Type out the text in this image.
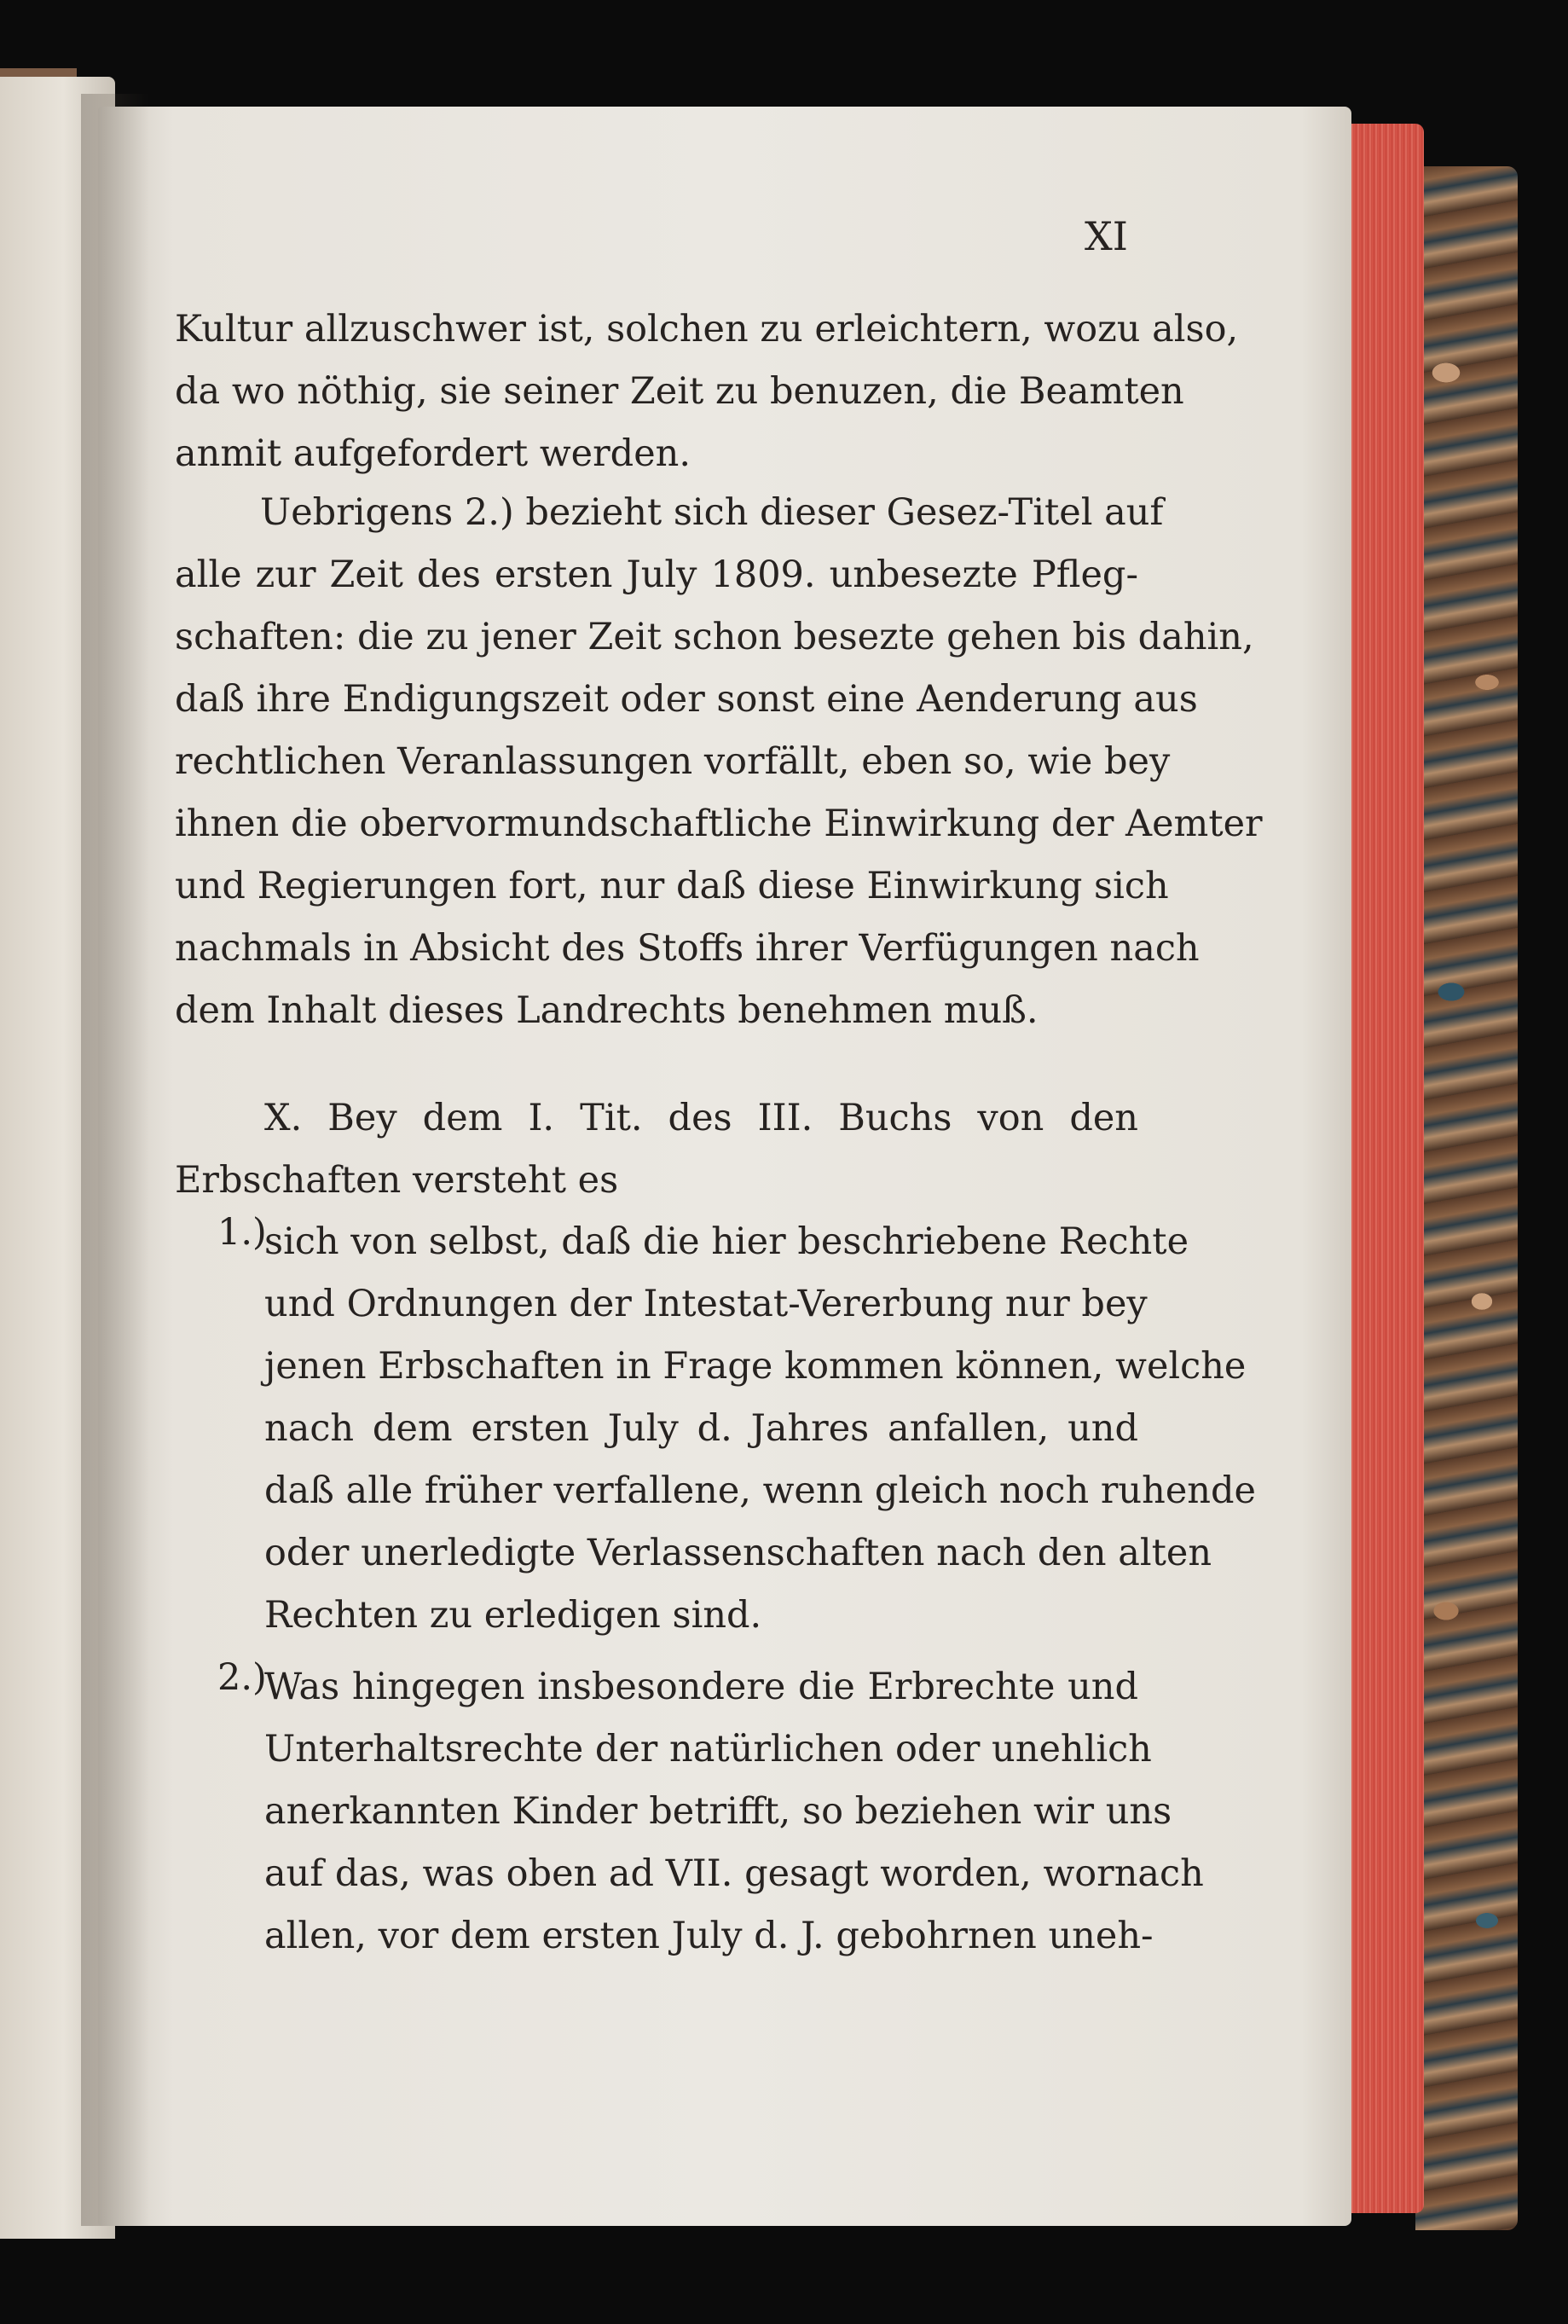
XI
Kultur allzuschwer ist, solchen zu erleichtern, wozu also,
da wo nöthig, sie seiner Zeit zu benuzen, die Beamten
anmit aufgefordert werden.
Uebrigens 2.) bezieht sich dieser Gesez-Titel auf
alle zur Zeit des ersten July 1809. unbesezte Pfleg-
schaften: die zu jener Zeit schon besezte gehen bis dahin,
daß ihre Endigungszeit oder sonst eine Aenderung aus
rechtlichen Veranlassungen vorfällt, eben so, wie bey
ihnen die obervormundschaftliche Einwirkung der Aemter
und Regierungen fort, nur daß diese Einwirkung sich
nachmals in Absicht des Stoffs ihrer Verfügungen nach
dem Inhalt dieses Landrechts benehmen muß.
X. Bey dem I. Tit. des III. Buchs von den
Erbschaften versteht es
1.)
sich von selbst, daß die hier beschriebene Rechte
und Ordnungen der Intestat-Vererbung nur bey
jenen Erbschaften in Frage kommen können, welche
nach dem ersten July d. Jahres anfallen, und
daß alle früher verfallene, wenn gleich noch ruhende
oder unerledigte Verlassenschaften nach den alten
Rechten zu erledigen sind.
2.)
Was hingegen insbesondere die Erbrechte und
Unterhaltsrechte der natürlichen oder unehlich
anerkannten Kinder betrifft, so beziehen wir uns
auf das, was oben ad VII. gesagt worden, wornach
allen, vor dem ersten July d. J. gebohrnen uneh-
